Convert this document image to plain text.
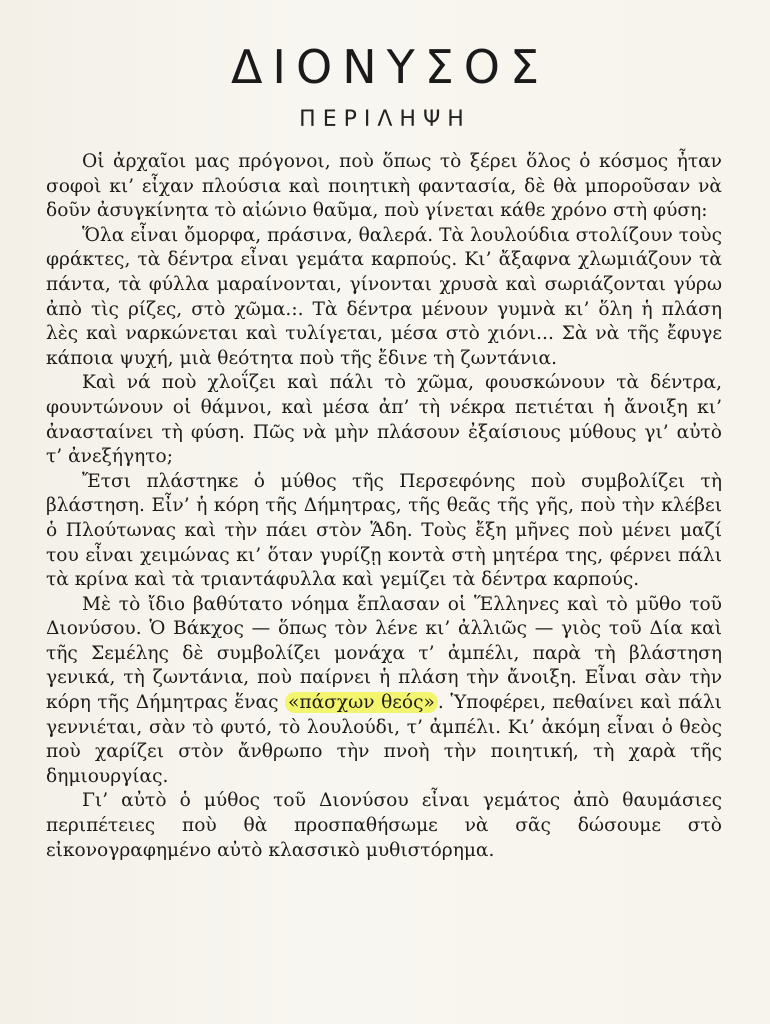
ΔΙΟΝΥΣΟΣ
ΠΕΡΙΛΗΨΗ

Οἱ ἀρχαῖοι μας πρόγονοι, ποὺ ὅπως τὸ ξέρει ὅλος ὁ κόσμος ἦταν σοφοὶ κι’ εἶχαν πλούσια καὶ ποιητικὴ φαντασία, δὲ θὰ μποροῦσαν νὰ δοῦν ἀσυγκίνητα τὸ αἰώνιο θαῦμα, ποὺ γίνεται κάθε χρόνο στὴ φύση:

Ὅλα εἶναι ὄμορφα, πράσινα, θαλερά. Τὰ λουλούδια στολίζουν τοὺς φράκτες, τὰ δέντρα εἶναι γεμάτα καρπούς. Κι’ ἄξαφνα χλωμιάζουν τὰ πάντα, τὰ φύλλα μαραίνονται, γίνονται χρυσὰ καὶ σωριάζονται γύρω ἀπὸ τὶς ρίζες, στὸ χῶμα.:. Τὰ δέντρα μένουν γυμνὰ κι’ ὅλη ἡ πλάση λὲς καὶ ναρκώνεται καὶ τυλίγεται, μέσα στὸ χιόνι... Σὰ νὰ τῆς ἔφυγε κάποια ψυχή, μιὰ θεότητα ποὺ τῆς ἔδινε τὴ ζωντάνια.

Καὶ νά ποὺ χλοΐζει καὶ πάλι τὸ χῶμα, φουσκώνουν τὰ δέντρα, φουντώνουν οἱ θάμνοι, καὶ μέσα ἀπ’ τὴ νέκρα πετιέται ἡ ἄνοιξη κι’ ἀνασταίνει τὴ φύση. Πῶς νὰ μὴν πλάσουν ἐξαίσιους μύθους γι’ αὐτὸ τ’ ἀνεξήγητο;

Ἔτσι πλάστηκε ὁ μύθος τῆς Περσεφόνης ποὺ συμβολίζει τὴ βλάστηση. Εἶν’ ἡ κόρη τῆς Δήμητρας, τῆς θεᾶς τῆς γῆς, ποὺ τὴν κλέβει ὁ Πλούτωνας καὶ τὴν πάει στὸν Ἅδη. Τοὺς ἔξη μῆνες ποὺ μένει μαζί του εἶναι χειμώνας κι’ ὅταν γυρίζῃ κοντὰ στὴ μητέρα της, φέρνει πάλι τὰ κρίνα καὶ τὰ τριαντάφυλλα καὶ γεμίζει τὰ δέντρα καρπούς.

Μὲ τὸ ἴδιο βαθύτατο νόημα ἔπλασαν οἱ Ἕλληνες καὶ τὸ μῦθο τοῦ Διονύσου. Ὁ Βάκχος — ὅπως τὸν λένε κι’ ἀλλιῶς — γιὸς τοῦ Δία καὶ τῆς Σεμέλης δὲ συμβολίζει μονάχα τ’ ἀμπέλι, παρὰ τὴ βλάστηση γενικά, τὴ ζωντάνια, ποὺ παίρνει ἡ πλάση τὴν ἄνοιξη. Εἶναι σὰν τὴν κόρη τῆς Δήμητρας ἕνας «πάσχων θεός» . Ὑποφέρει, πεθαίνει καὶ πάλι γεννιέται, σὰν τὸ φυτό, τὸ λουλούδι, τ’ ἀμπέλι. Κι’ ἀκόμη εἶναι ὁ θεὸς ποὺ χαρίζει στὸν ἄνθρωπο τὴν πνοὴ τὴν ποιητική, τὴ χαρὰ τῆς δημιουργίας.

Γι’ αὐτὸ ὁ μύθος τοῦ Διονύσου εἶναι γεμάτος ἀπὸ θαυμάσιες περιπέτειες ποὺ θὰ προσπαθήσωμε νὰ σᾶς δώσουμε στὸ εἰκονογραφημένο αὐτὸ κλασσικὸ μυθιστόρημα.
